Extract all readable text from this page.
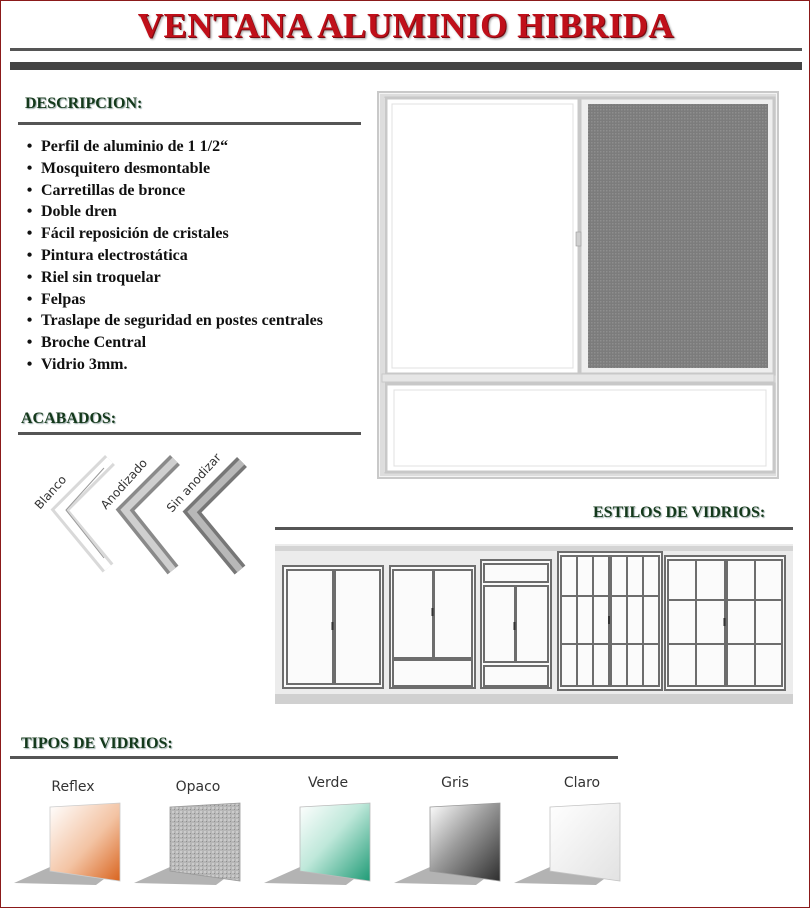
VENTANA ALUMINIO HIBRIDA
DESCRIPCION:
• Perfil de aluminio de 1 1/2“
• Mosquitero desmontable
• Carretillas de bronce
• Doble dren
• Fácil reposición de cristales
• Pintura electrostática
• Riel sin troquelar
• Felpas
• Traslape de seguridad en postes centrales
• Broche Central
• Vidrio 3mm.
ACABADOS:
Blanco Anodizado Sin anodizar	ESTILOS DE VIDRIOS:
TIPOS DE VIDRIOS:
Reflex	Opaco	Verde	Gris	Claro
